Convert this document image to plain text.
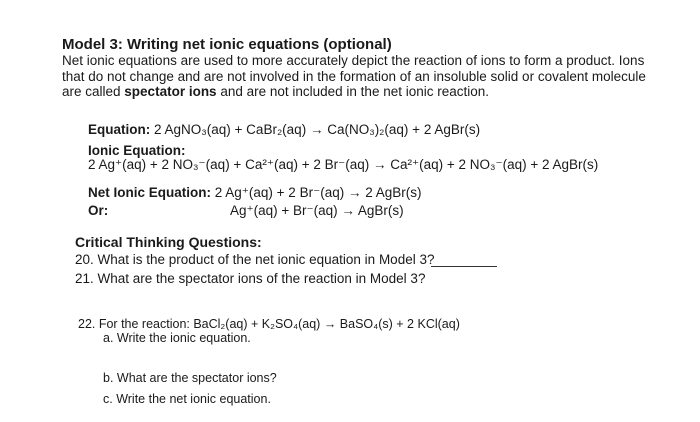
Model 3: Writing net ionic equations (optional)
Net ionic equations are used to more accurately depict the reaction of ions to form a product. Ions that do not change and are not involved in the formation of an insoluble solid or covalent molecule are called spectator ions and are not included in the net ionic reaction.
Equation: 2 AgNO₃(aq) + CaBr₂(aq) → Ca(NO₃)₂(aq) + 2 AgBr(s)
Ionic Equation:
2 Ag⁺(aq) + 2 NO₃⁻(aq) + Ca²⁺(aq) + 2 Br⁻(aq) → Ca²⁺(aq) + 2 NO₃⁻(aq) + 2 AgBr(s)
Net Ionic Equation: 2 Ag⁺(aq) + 2 Br⁻(aq) → 2 AgBr(s)
Or:	Ag⁺(aq) + Br⁻(aq) → AgBr(s)
Critical Thinking Questions:
20. What is the product of the net ionic equation in Model 3?
21. What are the spectator ions of the reaction in Model 3?
22. For the reaction: BaCl₂(aq) + K₂SO₄(aq) → BaSO₄(s) + 2 KCl(aq)
a. Write the ionic equation.
b. What are the spectator ions?
c. Write the net ionic equation.
